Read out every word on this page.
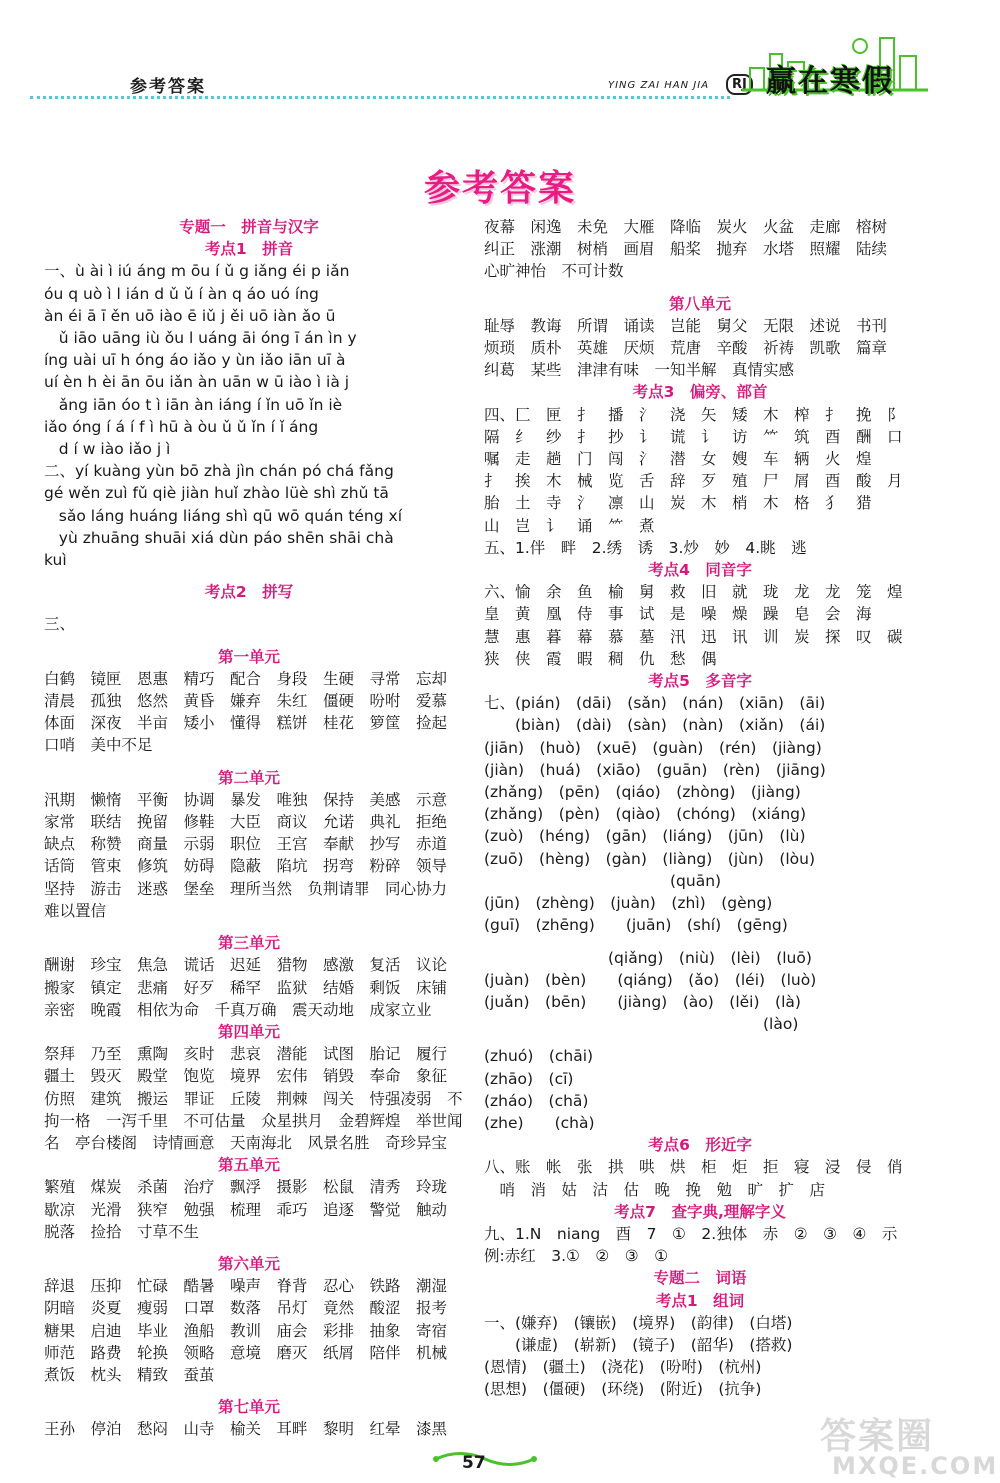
参考答案	YING ZAI HAN JIA	RJ 赢在寒假
参考答案
专题一　拼音与汉字
考点1　拼音
一、ù ài ì iú áng m ōu í ǔ g iǎng éi p iǎn
óu q uò ì l ián d ǔ ǔ í àn q áo uó íng
àn éi ā ī ěn uō iào ē iǔ j ěi uō iàn ǎo ū
ǔ iāo uāng iù ǒu l uáng āi óng ī án ìn y
íng uài uī h óng áo iǎo y ùn iǎo iān uī à
uí èn h èi ān ōu iǎn àn uān w ū iào ì ià j
ǎng iān óo t ì iān àn iáng í ǐn uō ǐn iè
iǎo óng í á í f ì hū à òu ǔ ǔ ǐn í ǐ áng
d í w iào iǎo j ì
二、yí kuàng yùn bō zhà jìn chán pó chá fǎng
gé wěn zuì fǔ qiè jiàn huǐ zhào lüè shì zhǔ tā
sǎo láng huáng liáng shì qū wō quán téng xí
yù zhuāng shuāi xiá dùn páo shēn shāi chà
kuì
考点2　拼写
三、
第一单元
白鹤　镜匣　恩惠　精巧　配合　身段　生硬　寻常　忘却
清晨　孤独　悠然　黄昏　嫌弃　朱红　僵硬　吩咐　爱慕
体面　深夜　半亩　矮小　懂得　糕饼　桂花　箩筐　捡起
口哨　美中不足
第二单元
汛期　懒惰　平衡　协调　暴发　唯独　保持　美感　示意
家常　联结　挽留　修鞋　大臣　商议　允诺　典礼　拒绝
缺点　称赞　商量　示弱　职位　王宫　奉献　抄写　赤道
话筒　管束　修筑　妨碍　隐蔽　陷坑　拐弯　粉碎　领导
坚持　游击　迷惑　堡垒　理所当然　负荆请罪　同心协力
难以置信
第三单元
酬谢　珍宝　焦急　谎话　迟延　猎物　感激　复活　议论
搬家　镇定　悲痛　好歹　稀罕　监狱　结婚　剩饭　床铺
亲密　晚霞　相依为命　千真万确　震天动地　成家立业
第四单元
祭拜　乃至　熏陶　亥时　悲哀　潜能　试图　胎记　履行
疆土　毁灭　殿堂　饱览　境界　宏伟　销毁　奉命　象征
仿照　建筑　搬运　罪证　丘陵　荆棘　闯关　恃强凌弱　不
拘一格　一泻千里　不可估量　众星拱月　金碧辉煌　举世闻
名　亭台楼阁　诗情画意　天南海北　风景名胜　奇珍异宝
第五单元
繁殖　煤炭　杀菌　治疗　飘浮　摄影　松鼠　清秀　玲珑
歇凉　光滑　狭窄　勉强　梳理　乖巧　追逐　警觉　触动
脱落　捡拾　寸草不生
第六单元
辞退　压抑　忙碌　酷暑　噪声　脊背　忍心　铁路　潮湿
阴暗　炎夏　瘦弱　口罩　数落　吊灯　竟然　酸涩　报考
糖果　启迪　毕业　渔船　教训　庙会　彩排　抽象　寄宿
师范　路费　轮换　领略　意境　磨灭　纸屑　陪伴　机械
煮饭　枕头　精致　蚕茧
第七单元
王孙　停泊　愁闷　山寺　榆关　耳畔　黎明　红晕　漆黑
夜幕　闲逸　未免　大雁　降临　炭火　火盆　走廊　榕树
纠正　涨潮　树梢　画眉　船桨　抛弃　水塔　照耀　陆续
心旷神怡　不可计数
第八单元
耻辱　教诲　所谓　诵读　岂能　舅父　无限　述说　书刊
烦琐　质朴　英雄　厌烦　荒唐　辛酸　祈祷　凯歌　篇章
纠葛　某些　津津有味　一知半解　真情实感
考点3　偏旁、部首
四、匚　匣　扌　播　氵　浇　矢　矮　木　榨　扌　挽　阝
隔　纟　纱　扌　抄　讠　谎　讠　访　⺮　筑　酉　酬　口
嘱　走　趟　门　闯　氵　潜　女　嫂　车　辆　火　煌
扌　挨　木　械　览　舌　辞　歹　殖　尸　屑　酉　酸　月
胎　土　寺　氵　凛　山　炭　木　梢　木　格　犭　猎
山　岂　讠　诵　⺮　煮
五、1.伴　畔　2.绣　诱　3.炒　妙　4.眺　逃
考点4　同音字
六、愉　余　鱼　榆　舅　救　旧　就　珑　龙　龙　笼　煌
皇　黄　凰　侍　事　试　是　噪　燥　躁　皂　会　海
慧　惠　暮　幕　慕　墓　汛　迅　讯　训　炭　探　叹　碳
狭　侠　霞　暇　稠　仇　愁　偶
考点5　多音字
七、(pián)　(dāi)　(sǎn)　(nán)　(xiān)　(āi)
　　(biàn)　(dài)　(sàn)　(nàn)　(xiǎn)　(ái)
(jiān)　(huò)　(xuē)　(guàn)　(rén)　(jiàng)
(jiàn)　(huá)　(xiāo)　(guān)　(rèn)　(jiāng)
(zhǎng)　(pēn)　(qiáo)　(zhòng)　(jiàng)
(zhǎng)　(pèn)　(qiào)　(chóng)　(xiáng)
(zuò)　(héng)　(gān)　(liáng)　(jūn)　(lù)
(zuō)　(hèng)　(gàn)　(liàng)　(jùn)　(lòu)
　　　　　　　　　　　　(quān)
(jūn)　(zhèng)　(juàn)　(zhì)　(gèng)
(guī)　(zhēng)　　(juān)　(shí)　(gēng)
　　　　　　　　(qiǎng)　(niù)　(lèi)　(luō)
(juàn)　(bèn)　　(qiáng)　(ǎo)　(léi)　(luò)
(juǎn)　(bēn)　　(jiàng)　(ào)　(lěi)　(là)
　　　　　　　　　　　　　　　　　　(lào)
(zhuó)　(chāi)
(zhāo)　(cī)
(zháo)　(chā)
(zhe)　　(chà)
考点6　形近字
八、账　帐　张　拱　哄　烘　柜　炬　拒　寝　浸　侵　俏
　哨　消　姑　沽　估　晚　挽　勉　旷　扩　店
考点7　查字典,理解字义
九、1.N　niang　酉　7　①　2.独体　赤　②　③　④　示
例:赤红　3.①　②　③　①
专题二　词语
考点1　组词
一、(嫌弃)　(镶嵌)　(境界)　(韵律)　(白塔)
　　(谦虚)　(崭新)　(镜子)　(韶华)　(搭救)
(恩情)　(疆土)　(浇花)　(吩咐)　(杭州)
(思想)　(僵硬)　(环绕)　(附近)　(抗争)
57
答案圈
MXQE.COM
